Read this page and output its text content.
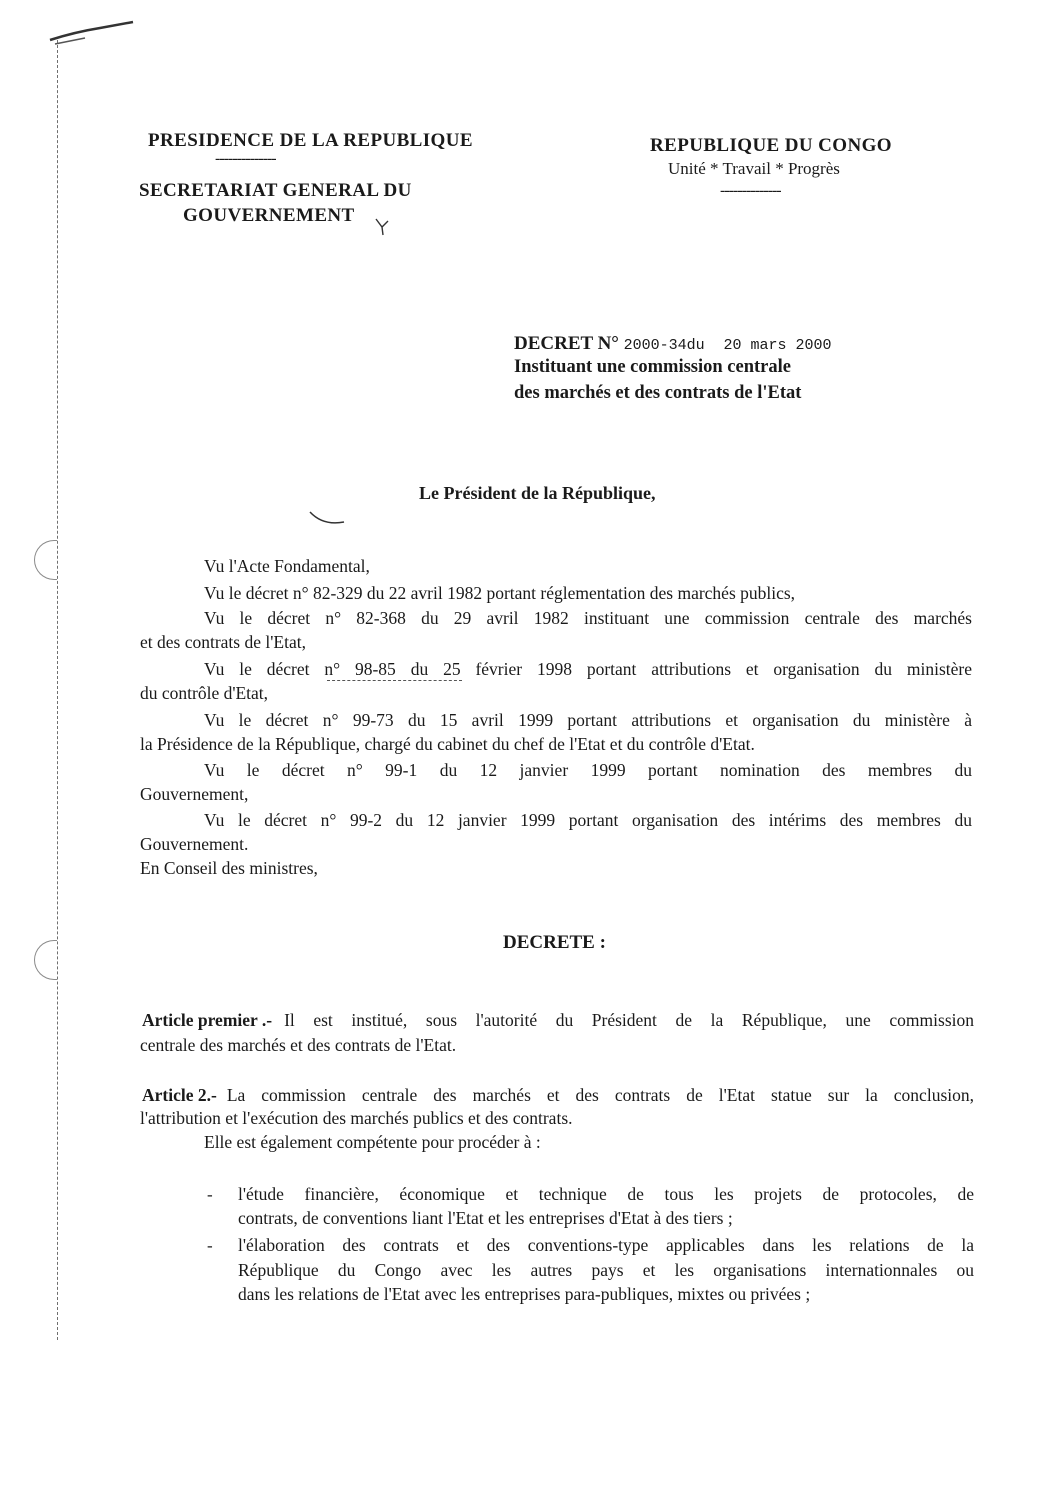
PRESIDENCE DE LA REPUBLIQUE
--------------
SECRETARIAT GENERAL DU
GOUVERNEMENT
REPUBLIQUE DU CONGO
Unité * Travail * Progrès
--------------
DECRET N° 2000-34du 20 mars 2000
Instituant une commission centrale
des marchés et des contrats de l'Etat
Le Président de la République,
Vu l'Acte Fondamental,
Vu le décret n° 82-329 du 22 avril 1982 portant réglementation des marchés publics,
Vu le décret n° 82-368 du 29 avril 1982 instituant une commission centrale des marchés
et des contrats de l'Etat,
Vu le décret n° 98-85 du 25 février 1998 portant attributions et organisation du ministère
du contrôle d'Etat,
Vu le décret n° 99-73 du 15 avril 1999 portant attributions et organisation du ministère à
la Présidence de la République, chargé du cabinet du chef de l'Etat et du contrôle d'Etat.
Vu le décret n° 99-1 du 12 janvier 1999 portant nomination des membres du
Gouvernement,
Vu le décret n° 99-2 du 12 janvier 1999 portant organisation des intérims des membres du
Gouvernement.
En Conseil des ministres,
DECRETE :
Article premier .- Il est institué, sous l'autorité du Président de la République, une commission
centrale des marchés et des contrats de l'Etat.
Article 2.- La commission centrale des marchés et des contrats de l'Etat statue sur la conclusion,
l'attribution et l'exécution des marchés publics et des contrats.
Elle est également compétente pour procéder à :
- l'étude financière, économique et technique de tous les projets de protocoles, de
contrats, de conventions liant l'Etat et les entreprises d'Etat à des tiers ;
- l'élaboration des contrats et des conventions-type applicables dans les relations de la
République du Congo avec les autres pays et les organisations internationnales ou
dans les relations de l'Etat avec les entreprises para-publiques, mixtes ou privées ;
